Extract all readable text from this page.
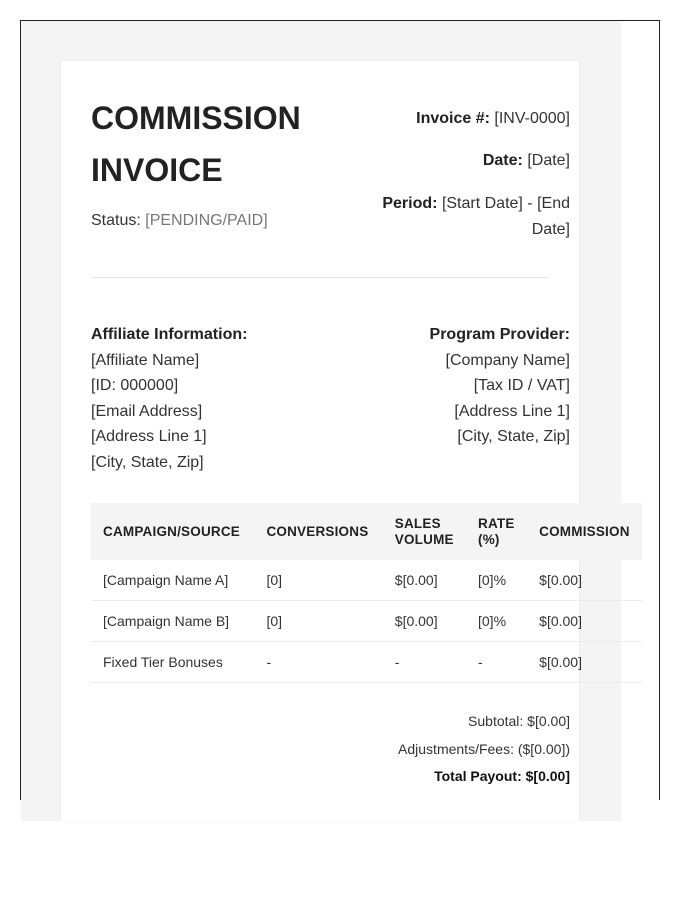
COMMISSION INVOICE
Status: [PENDING/PAID]
Invoice #: [INV-0000]
Date: [Date]
Period: [Start Date] - [End Date]
Affiliate Information:
[Affiliate Name]
[ID: 000000]
[Email Address]
[Address Line 1]
[City, State, Zip]
Program Provider:
[Company Name]
[Tax ID / VAT]
[Address Line 1]
[City, State, Zip]
CAMPAIGN/SOURCE	CONVERSIONS	SALES VOLUME	RATE (%)	COMMISSION
[Campaign Name A]	[0]	$[0.00]	[0]%	$[0.00]
[Campaign Name B]	[0]	$[0.00]	[0]%	$[0.00]
Fixed Tier Bonuses	-	-	-	$[0.00]
Subtotal: $[0.00]
Adjustments/Fees: ($[0.00])
Total Payout: $[0.00]
